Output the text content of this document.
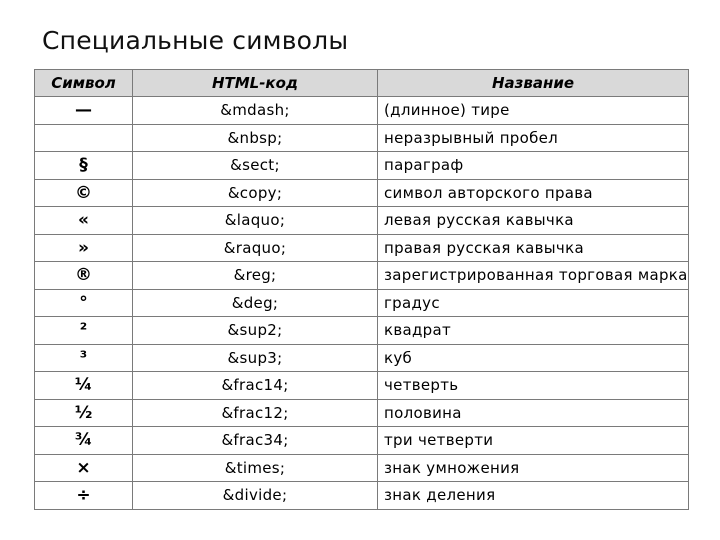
Специальные символы
Символ	HTML-код	Название
—	&mdash;	(длинное) тире
	&nbsp;	неразрывный пробел
§	&sect;	параграф
©	&copy;	символ авторского права
«	&laquo;	левая русская кавычка
»	&raquo;	правая русская кавычка
®	&reg;	зарегистрированная торговая марка
°	&deg;	градус
²	&sup2;	квадрат
³	&sup3;	куб
¼	&frac14;	четверть
½	&frac12;	половина
¾	&frac34;	три четверти
×	&times;	знак умножения
÷	&divide;	знак деления
